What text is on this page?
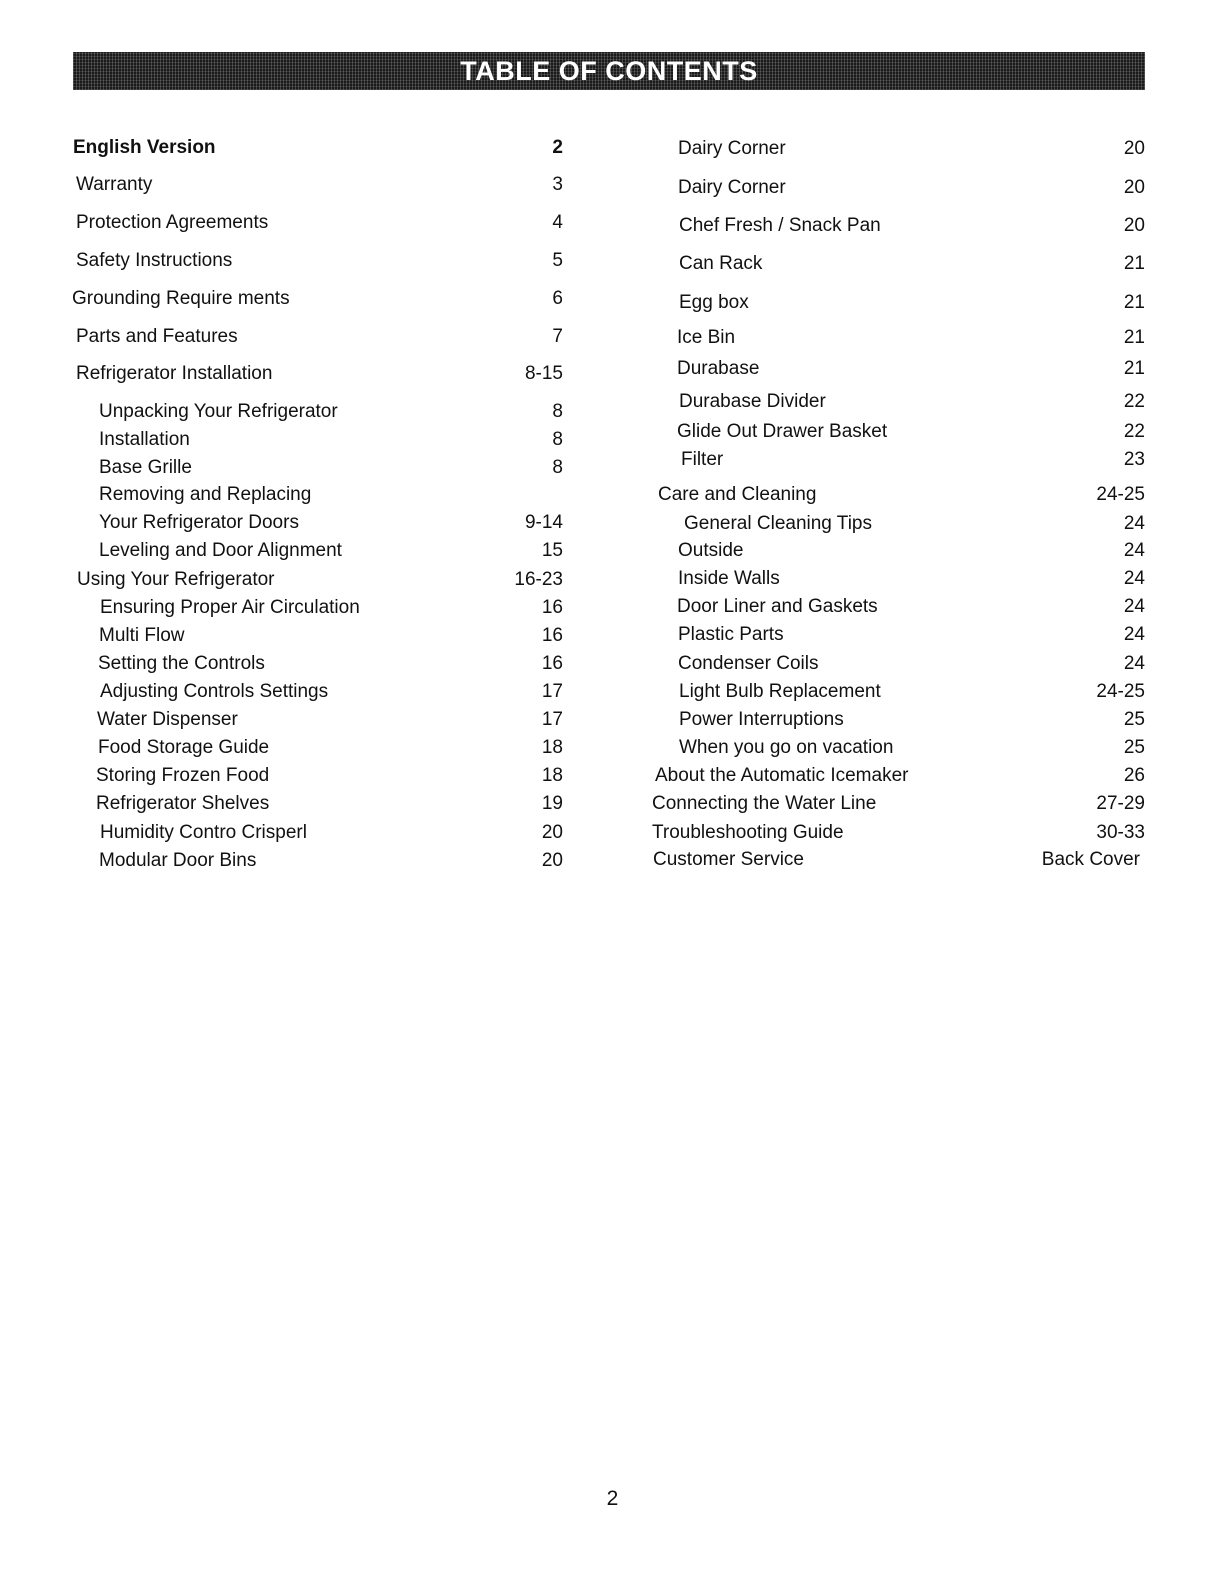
TABLE OF CONTENTS
English Version	2
Warranty	3
Protection Agreements	4
Safety Instructions	5
Grounding Require ments	6
Parts and Features	7
Refrigerator Installation	8-15
Unpacking Your Refrigerator	8
Installation	8
Base Grille	8
Removing and Replacing
Your Refrigerator Doors	9-14
Leveling and Door Alignment	15
Using Your Refrigerator	16-23
Ensuring Proper Air Circulation	16
Multi Flow	16
Setting the Controls	16
Adjusting Controls Settings	17
Water Dispenser	17
Food Storage Guide	18
Storing Frozen Food	18
Refrigerator Shelves	19
Humidity Contro Crisperl	20
Modular Door Bins	20
Dairy Corner	20
Dairy Corner	20
Chef Fresh / Snack Pan	20
Can Rack	21
Egg box	21
Ice Bin	21
Durabase	21
Durabase Divider	22
Glide Out Drawer Basket	22
Filter	23
Care and Cleaning	24-25
General Cleaning Tips	24
Outside	24
Inside Walls	24
Door Liner and Gaskets	24
Plastic Parts	24
Condenser Coils	24
Light Bulb Replacement	24-25
Power Interruptions	25
When you go on vacation	25
About the Automatic Icemaker	26
Connecting the Water Line	27-29
Troubleshooting Guide	30-33
Customer Service	Back Cover
2
